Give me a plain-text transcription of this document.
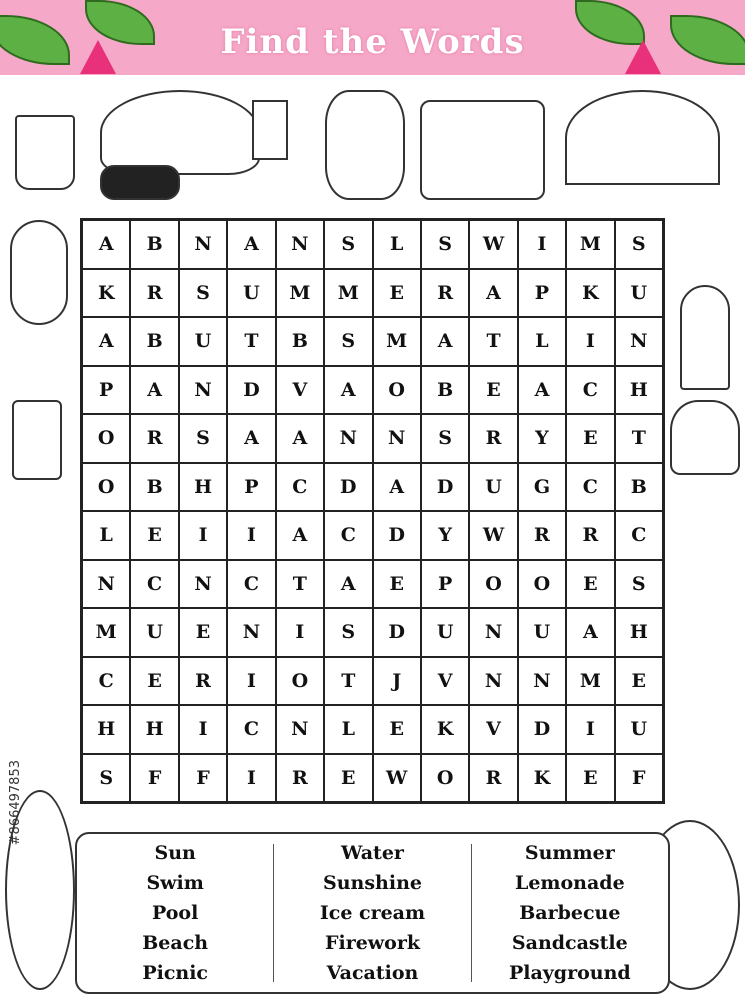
Find the Words
#866497853
A	B	N	A	N	S	L	S	W	I	M	S
K	R	S	U	M	M	E	R	A	P	K	U
A	B	U	T	B	S	M	A	T	L	I	N
P	A	N	D	V	A	O	B	E	A	C	H
O	R	S	A	A	N	N	S	R	Y	E	T
O	B	H	P	C	D	A	D	U	G	C	B
L	E	I	I	A	C	D	Y	W	R	R	C
N	C	N	C	T	A	E	P	O	O	E	S
M	U	E	N	I	S	D	U	N	U	A	H
C	E	R	I	O	T	J	V	N	N	M	E
H	H	I	C	N	L	E	K	V	D	I	U
S	F	F	I	R	E	W	O	R	K	E	F
Sun
Swim
Pool
Beach
Picnic
Water
Sunshine
Ice cream
Firework
Vacation
Summer
Lemonade
Barbecue
Sandcastle
Playground
